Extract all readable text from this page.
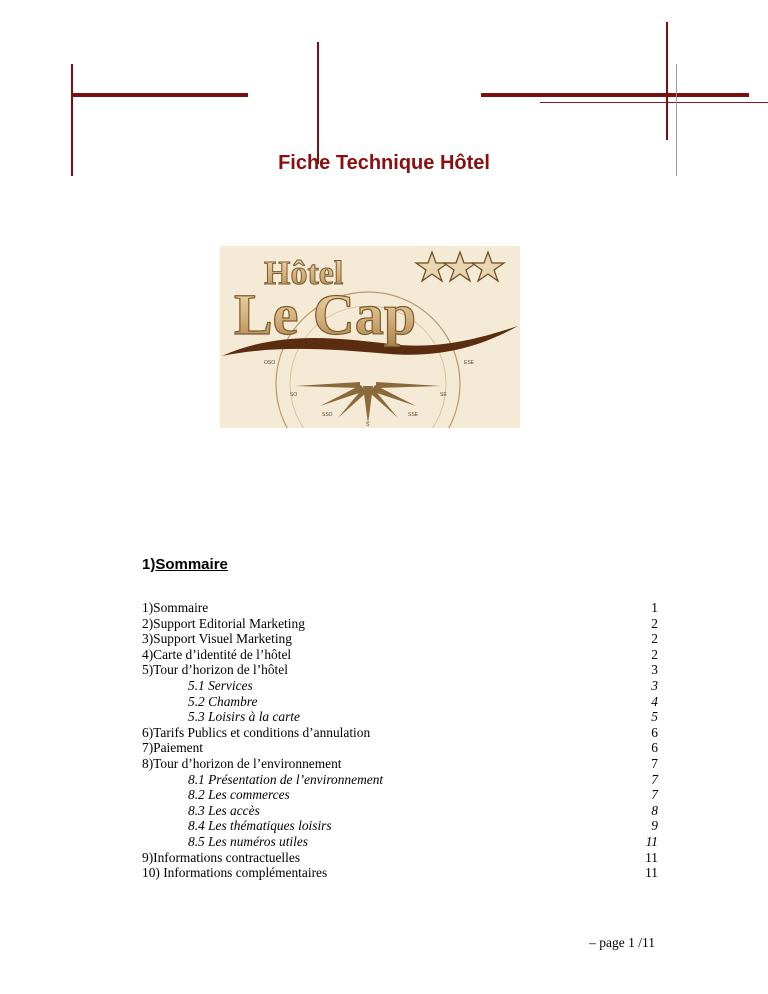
Fiche Technique Hôtel
OSO	ESE
SO	SE
SSO	SSE
S
Hôtel
Le Cap
1)Sommaire
1)Sommaire	1
2)Support Editorial Marketing	2
3)Support Visuel Marketing	2
4)Carte d’identité de l’hôtel	2
5)Tour d’horizon de l’hôtel	3
5.1 Services	3
5.2 Chambre	4
5.3 Loisirs à la carte	5
6)Tarifs Publics et conditions d’annulation	6
7)Paiement	6
8)Tour d’horizon de l’environnement	7
8.1 Présentation de l’environnement	7
8.2 Les commerces	7
8.3 Les accès	8
8.4 Les thématiques loisirs	9
8.5 Les numéros utiles	11
9)Informations contractuelles	11
10) Informations complémentaires	11
– page 1 /11
